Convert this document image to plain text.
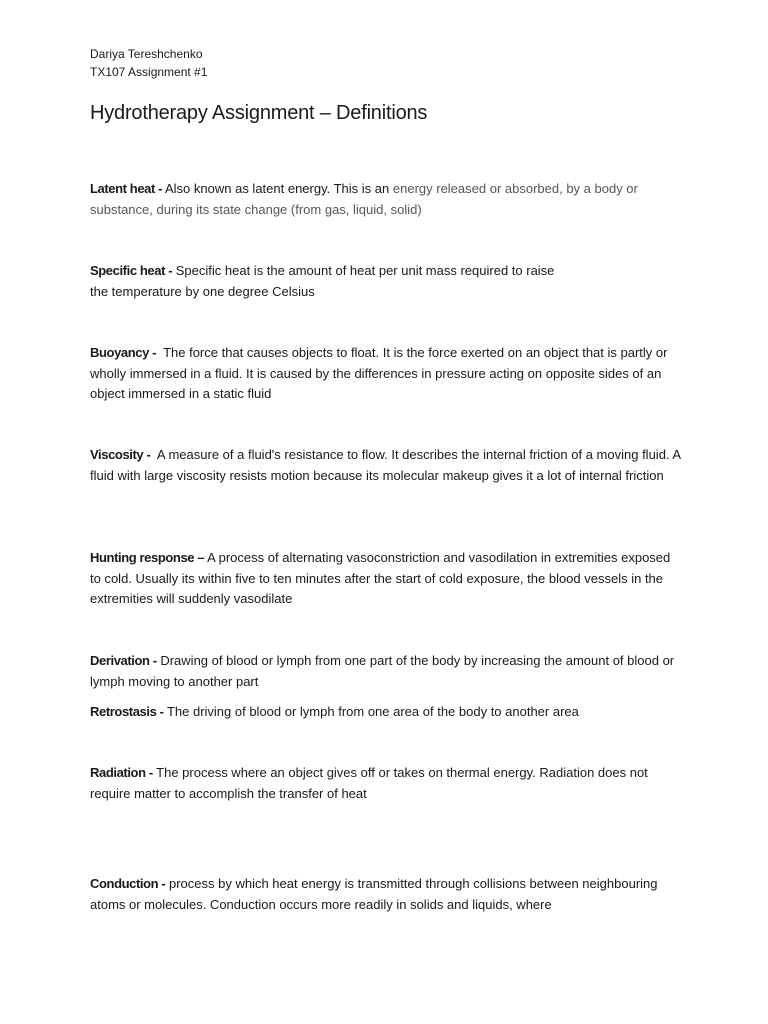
Dariya Tereshchenko
TX107 Assignment #1
Hydrotherapy Assignment – Definitions

Latent heat - Also known as latent energy. This is an energy released or absorbed, by a body or substance, during its state change (from gas, liquid, solid)

Specific heat - Specific heat is the amount of heat per unit mass required to raise
the temperature by one degree Celsius

Buoyancy - The force that causes objects to float. It is the force exerted on an object that is partly or wholly immersed in a fluid. It is caused by the differences in pressure acting on opposite sides of an object immersed in a static fluid

Viscosity - A measure of a fluid's resistance to flow. It describes the internal friction of a moving fluid. A fluid with large viscosity resists motion because its molecular makeup gives it a lot of internal friction

Hunting response – A process of alternating vasoconstriction and vasodilation in extremities exposed to cold. Usually its within five to ten minutes after the start of cold exposure, the blood vessels in the extremities will suddenly vasodilate

Derivation - Drawing of blood or lymph from one part of the body by increasing the amount of blood or lymph moving to another part

Retrostasis - The driving of blood or lymph from one area of the body to another area

Radiation - The process where an object gives off or takes on thermal energy. Radiation does not require matter to accomplish the transfer of heat

Conduction - process by which heat energy is transmitted through collisions between neighbouring atoms or molecules. Conduction occurs more readily in solids and liquids, where
